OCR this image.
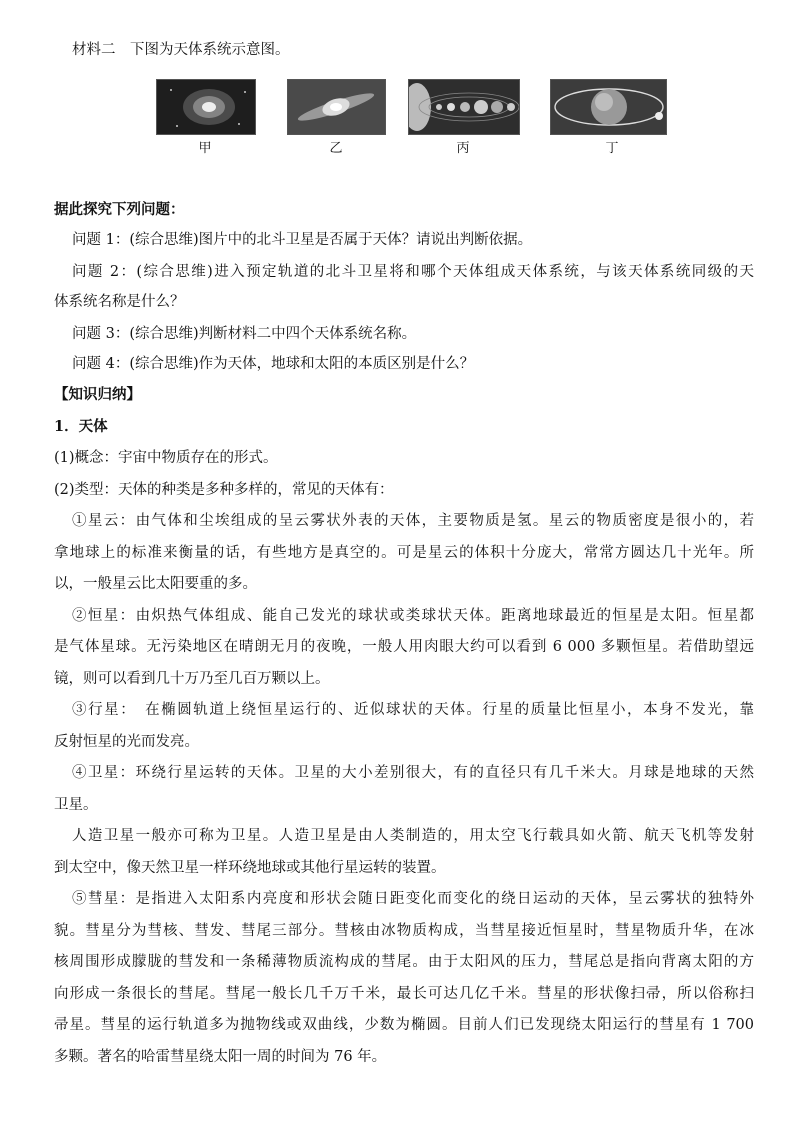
材料二　下图为天体系统示意图。
甲	乙	丙	丁
据此探究下列问题：
问题 1：(综合思维)图片中的北斗卫星是否属于天体？请说出判断依据。
问题 2：(综合思维)进入预定轨道的北斗卫星将和哪个天体组成天体系统，与该天体系统同级的天
体系统名称是什么？
问题 3：(综合思维)判断材料二中四个天体系统名称。
问题 4：(综合思维)作为天体，地球和太阳的本质区别是什么？
【知识归纳】
1．天体
(1)概念：宇宙中物质存在的形式。
(2)类型：天体的种类是多种多样的，常见的天体有：
①星云：由气体和尘埃组成的呈云雾状外表的天体，主要物质是氢。星云的物质密度是很小的，若
拿地球上的标准来衡量的话，有些地方是真空的。可是星云的体积十分庞大，常常方圆达几十光年。所
以，一般星云比太阳要重的多。
②恒星：由炽热气体组成、能自己发光的球状或类球状天体。距离地球最近的恒星是太阳。恒星都
是气体星球。无污染地区在晴朗无月的夜晚，一般人用肉眼大约可以看到 6 000 多颗恒星。若借助望远
镜，则可以看到几十万乃至几百万颗以上。
③行星：　在椭圆轨道上绕恒星运行的、近似球状的天体。行星的质量比恒星小，本身不发光，靠
反射恒星的光而发亮。
④卫星：环绕行星运转的天体。卫星的大小差别很大，有的直径只有几千米大。月球是地球的天然
卫星。
人造卫星一般亦可称为卫星。人造卫星是由人类制造的，用太空飞行载具如火箭、航天飞机等发射
到太空中，像天然卫星一样环绕地球或其他行星运转的装置。
⑤彗星：是指进入太阳系内亮度和形状会随日距变化而变化的绕日运动的天体，呈云雾状的独特外
貌。彗星分为彗核、彗发、彗尾三部分。彗核由冰物质构成，当彗星接近恒星时，彗星物质升华，在冰
核周围形成朦胧的彗发和一条稀薄物质流构成的彗尾。由于太阳风的压力，彗尾总是指向背离太阳的方
向形成一条很长的彗尾。彗尾一般长几千万千米，最长可达几亿千米。彗星的形状像扫帚，所以俗称扫
帚星。彗星的运行轨道多为抛物线或双曲线，少数为椭圆。目前人们已发现绕太阳运行的彗星有 1 700
多颗。著名的哈雷彗星绕太阳一周的时间为 76 年。
